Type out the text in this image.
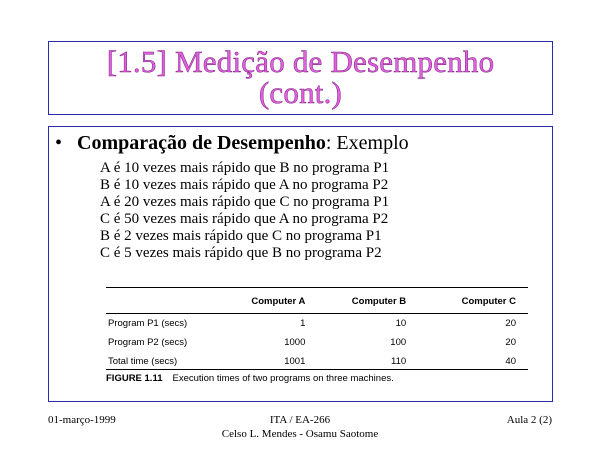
[1.5] Medição de Desempenho
(cont.)
• Comparação de Desempenho: Exemplo
A é 10 vezes mais rápido que B no programa P1
B é 10 vezes mais rápido que A no programa P2
A é 20 vezes mais rápido que C no programa P1
C é 50 vezes mais rápido que A no programa P2
B é 2 vezes mais rápido que C no programa P1
C é 5 vezes mais rápido que B no programa P2
	Computer A	Computer B	Computer C
Program P1 (secs)	1	10	20
Program P2 (secs)	1000	100	20
Total time (secs)	1001	110	40
FIGURE 1.11 Execution times of two programs on three machines.
01-março-1999	ITA / EA-266
Celso L. Mendes - Osamu Saotome
Aula 2 (2)
